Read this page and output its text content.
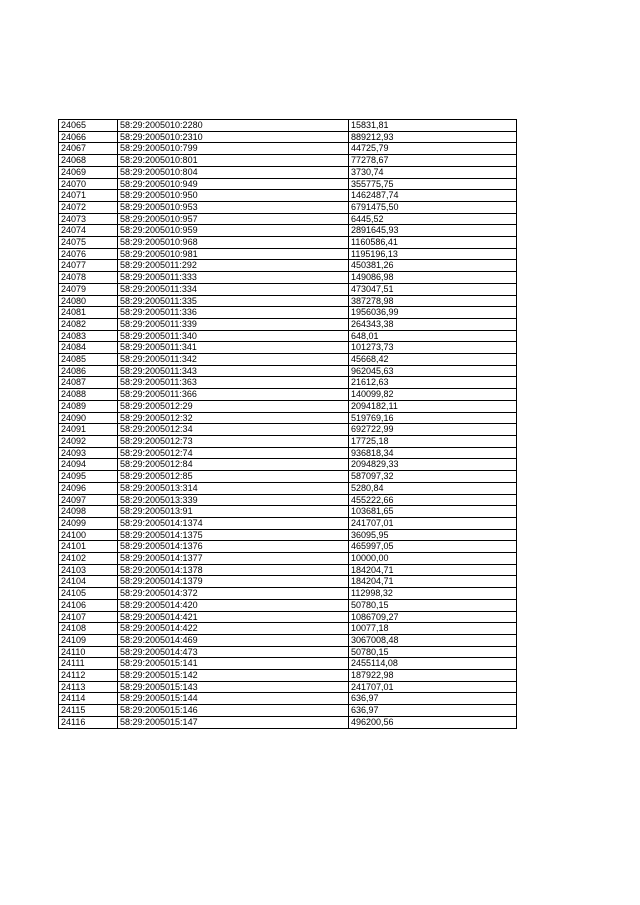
24065	58:29:2005010:2280	15831,81
24066	58:29:2005010:2310	889212,93
24067	58:29:2005010:799	44725,79
24068	58:29:2005010:801	77278,67
24069	58:29:2005010:804	3730,74
24070	58:29:2005010:949	355775,75
24071	58:29:2005010:950	1462487,74
24072	58:29:2005010:953	6791475,50
24073	58:29:2005010:957	6445,52
24074	58:29:2005010:959	2891645,93
24075	58:29:2005010:968	1160586,41
24076	58:29:2005010:981	1195196,13
24077	58:29:2005011:292	450381,26
24078	58:29:2005011:333	149086,98
24079	58:29:2005011:334	473047,51
24080	58:29:2005011:335	387278,98
24081	58:29:2005011:336	1956036,99
24082	58:29:2005011:339	264343,38
24083	58:29:2005011:340	648,01
24084	58:29:2005011:341	101273,73
24085	58:29:2005011:342	45668,42
24086	58:29:2005011:343	962045,63
24087	58:29:2005011:363	21612,63
24088	58:29:2005011:366	140099,82
24089	58:29:2005012:29	2094182,11
24090	58:29:2005012:32	519769,16
24091	58:29:2005012:34	692722,99
24092	58:29:2005012:73	17725,18
24093	58:29:2005012:74	936818,34
24094	58:29:2005012:84	2094829,33
24095	58:29:2005012:85	587097,32
24096	58:29:2005013:314	5280,84
24097	58:29:2005013:339	455222,66
24098	58:29:2005013:91	103681,65
24099	58:29:2005014:1374	241707,01
24100	58:29:2005014:1375	36095,95
24101	58:29:2005014:1376	465997,05
24102	58:29:2005014:1377	10000,00
24103	58:29:2005014:1378	184204,71
24104	58:29:2005014:1379	184204,71
24105	58:29:2005014:372	112998,32
24106	58:29:2005014:420	50780,15
24107	58:29:2005014:421	1086709,27
24108	58:29:2005014:422	10077,18
24109	58:29:2005014:469	3067008,48
24110	58:29:2005014:473	50780,15
24111	58:29:2005015:141	2455114,08
24112	58:29:2005015:142	187922,98
24113	58:29:2005015:143	241707,01
24114	58:29:2005015:144	636,97
24115	58:29:2005015:146	636,97
24116	58:29:2005015:147	496200,56
